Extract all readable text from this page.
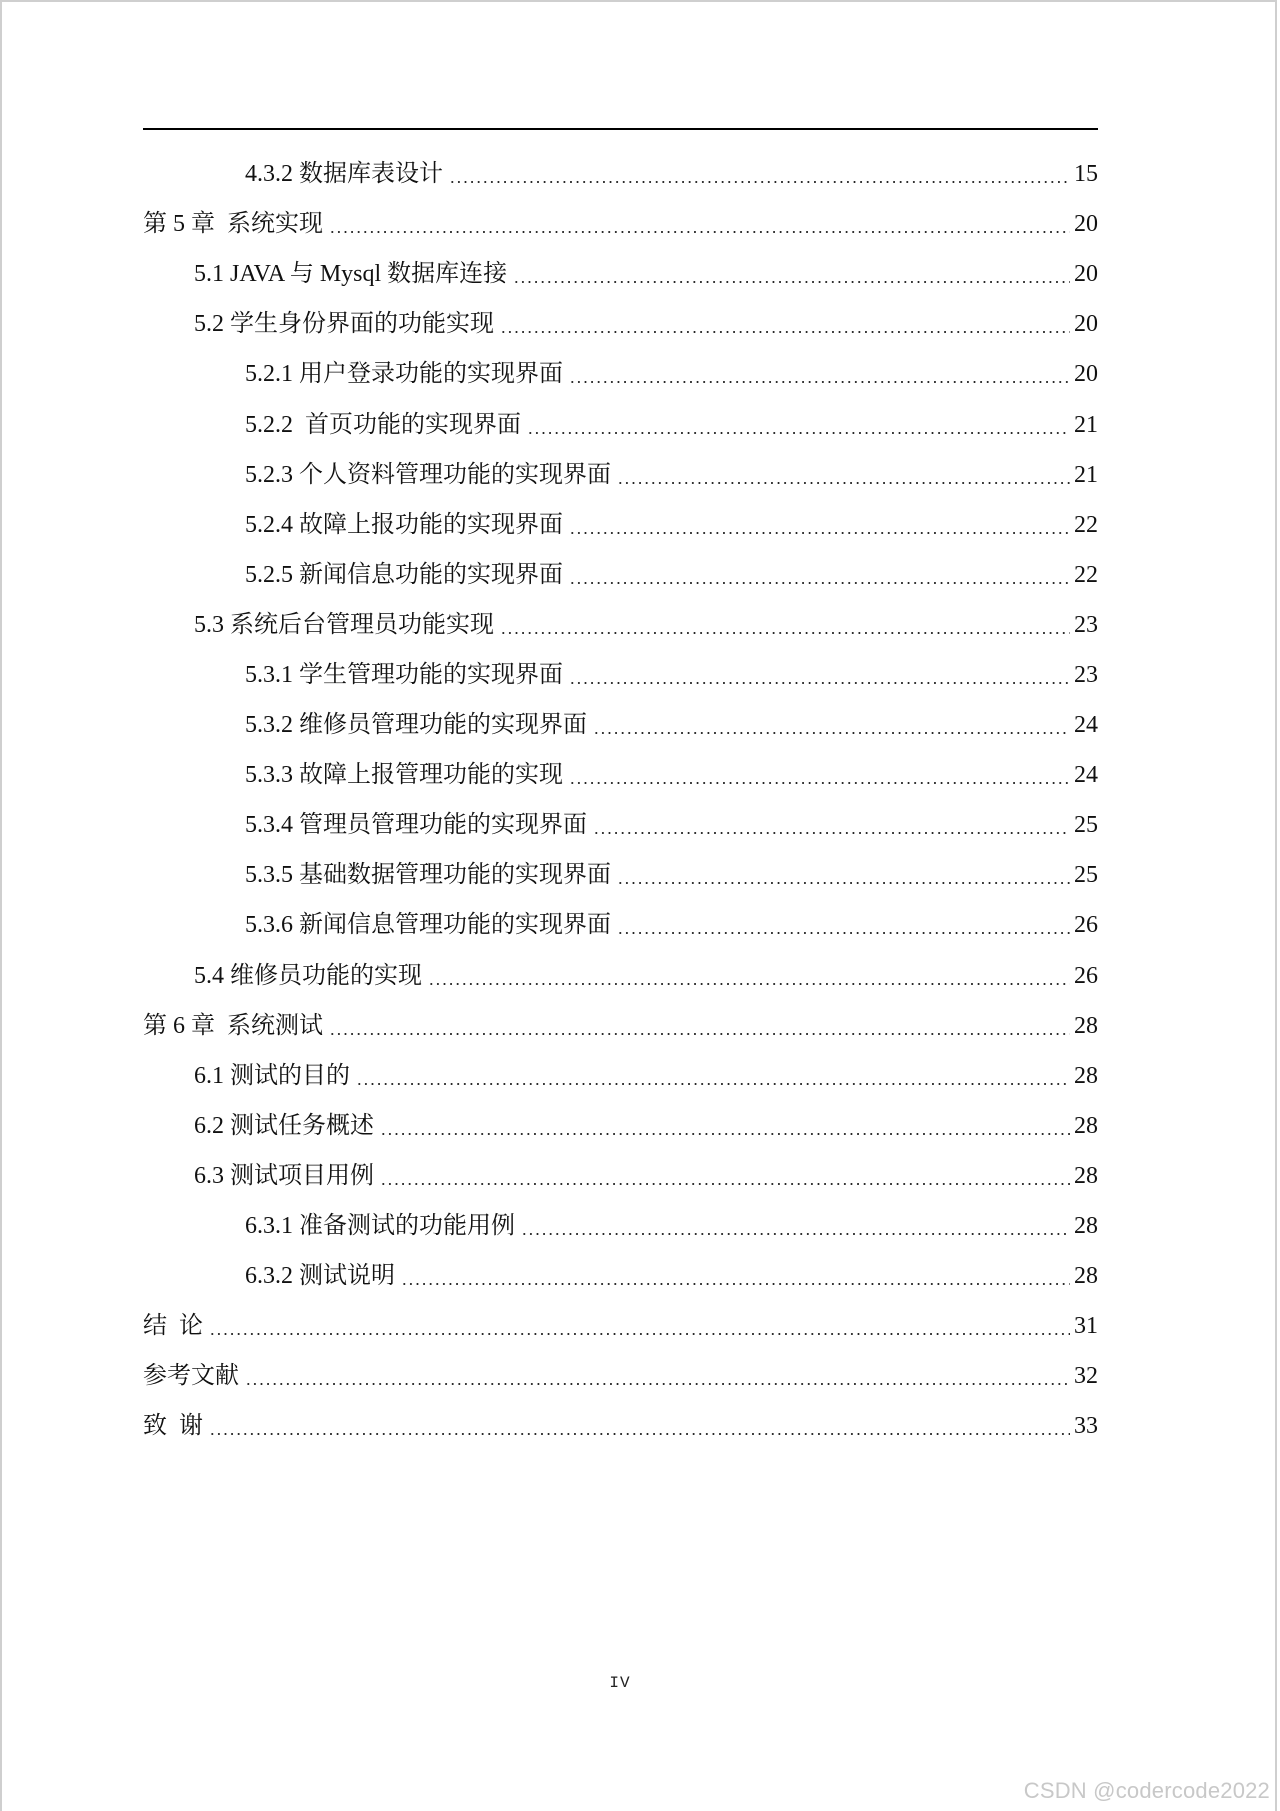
4.3.2 数据库表设计	15
第 5 章  系统实现	20
5.1 JAVA 与 Mysql 数据库连接	20
5.2 学生身份界面的功能实现	20
5.2.1 用户登录功能的实现界面	20
5.2.2  首页功能的实现界面	21
5.2.3 个人资料管理功能的实现界面	21
5.2.4 故障上报功能的实现界面	22
5.2.5 新闻信息功能的实现界面	22
5.3 系统后台管理员功能实现	23
5.3.1 学生管理功能的实现界面	23
5.3.2 维修员管理功能的实现界面	24
5.3.3 故障上报管理功能的实现	24
5.3.4 管理员管理功能的实现界面	25
5.3.5 基础数据管理功能的实现界面	25
5.3.6 新闻信息管理功能的实现界面	26
5.4 维修员功能的实现	26
第 6 章  系统测试	28
6.1 测试的目的	28
6.2 测试任务概述	28
6.3 测试项目用例	28
6.3.1 准备测试的功能用例	28
6.3.2 测试说明	28
结  论	31
参考文献	32
致  谢	33
IV
CSDN @codercode2022
